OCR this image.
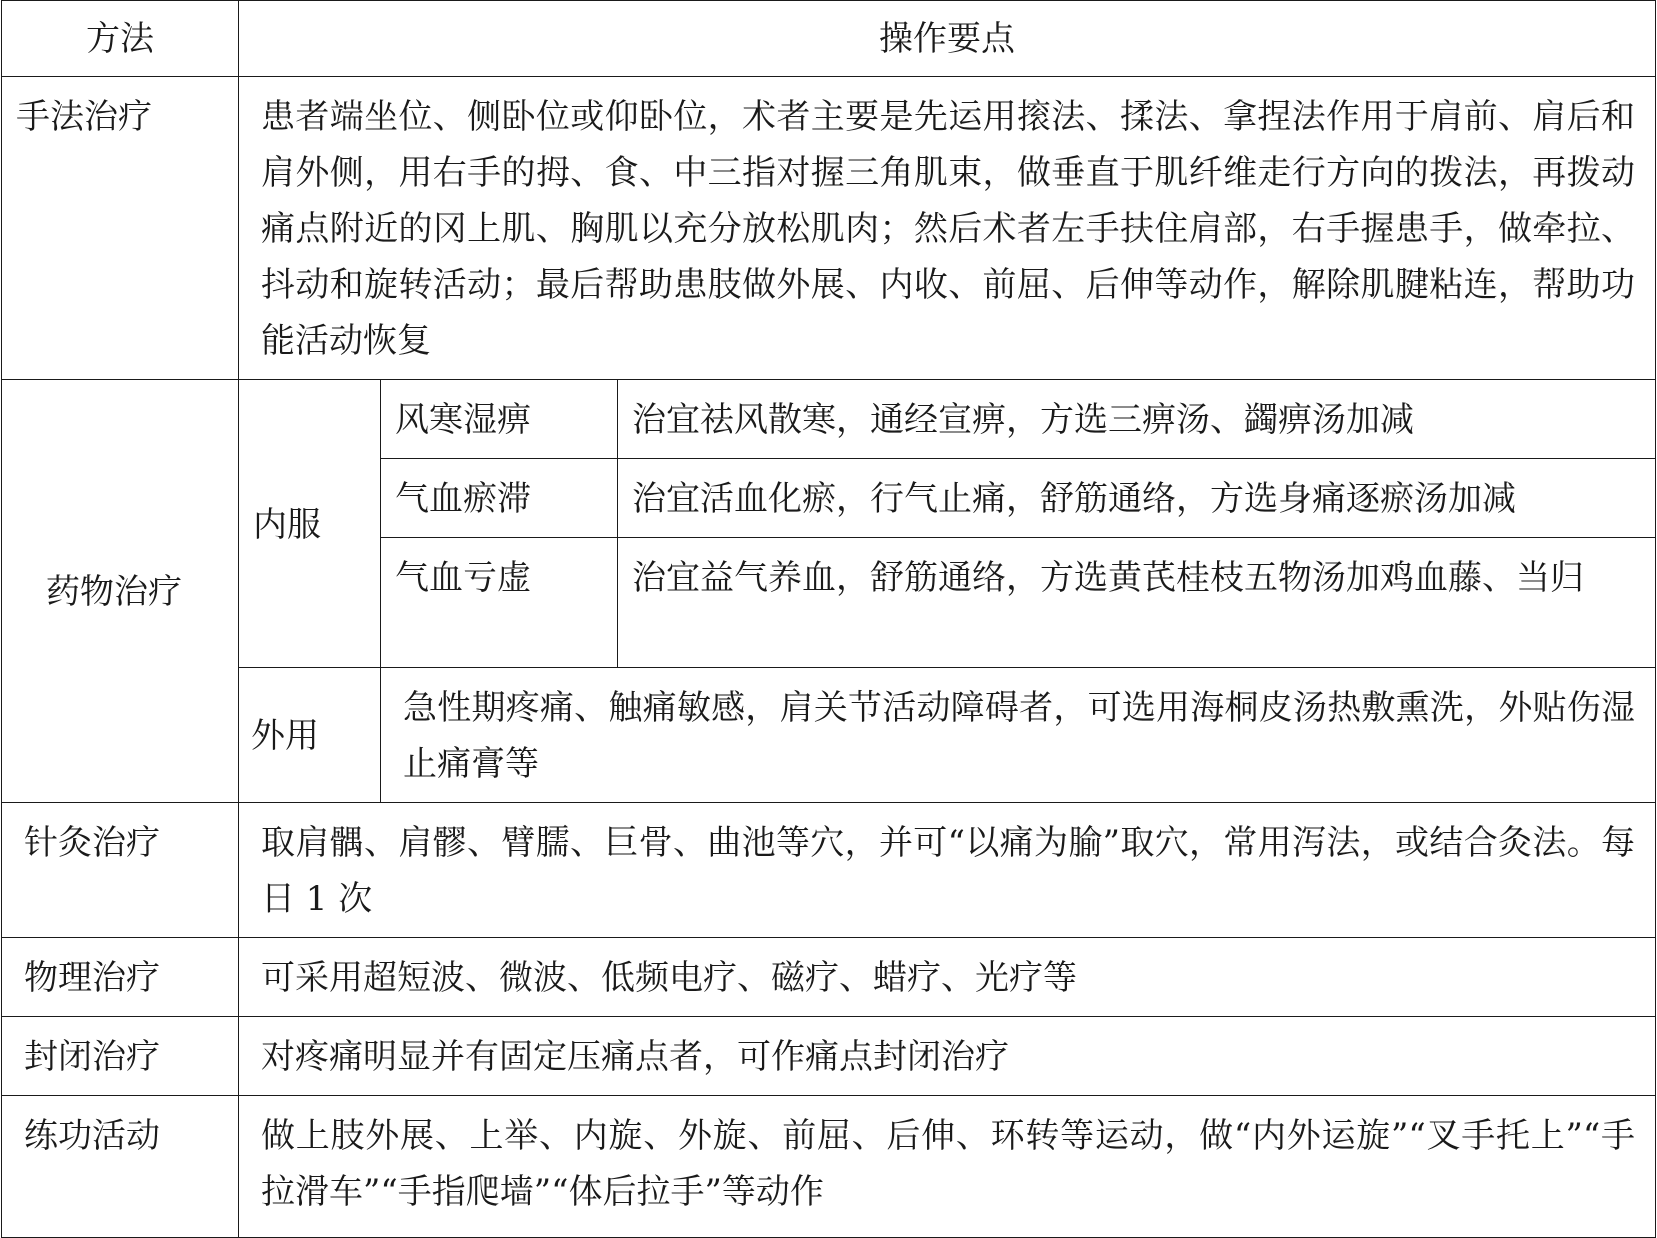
方法	操作要点		
手法治疗	患者端坐位、侧卧位或仰卧位，术者主要是先运用㨰法、揉法、拿捏法作用于肩前、肩后和肩外侧，用右手的拇、食、中三指对握三角肌束，做垂直于肌纤维走行方向的拨法，再拨动痛点附近的冈上肌、胸肌以充分放松肌肉；然后术者左手扶住肩部，右手握患手，做牵拉、抖动和旋转活动；最后帮助患肢做外展、内收、前屈、后伸等动作，解除肌腱粘连，帮助功能活动恢复		
药物治疗	内服	风寒湿痹	治宜祛风散寒，通经宣痹，方选三痹汤、蠲痹汤加减
		气血瘀滞	治宜活血化瘀，行气止痛，舒筋通络，方选身痛逐瘀汤加减
		气血亏虚	治宜益气养血，舒筋通络，方选黄芪桂枝五物汤加鸡血藤、当归
	外用	急性期疼痛、触痛敏感，肩关节活动障碍者，可选用海桐皮汤热敷熏洗，外贴伤湿止痛膏等	
针灸治疗	取肩髃、肩髎、臂臑、巨骨、曲池等穴，并可“以痛为腧”取穴，常用泻法，或结合灸法。每日 1 次		
物理治疗	可采用超短波、微波、低频电疗、磁疗、蜡疗、光疗等		
封闭治疗	对疼痛明显并有固定压痛点者，可作痛点封闭治疗		
练功活动	做上肢外展、上举、内旋、外旋、前屈、后伸、环转等运动，做“内外运旋”“叉手托上”“手拉滑车”“手指爬墙”“体后拉手”等动作		
